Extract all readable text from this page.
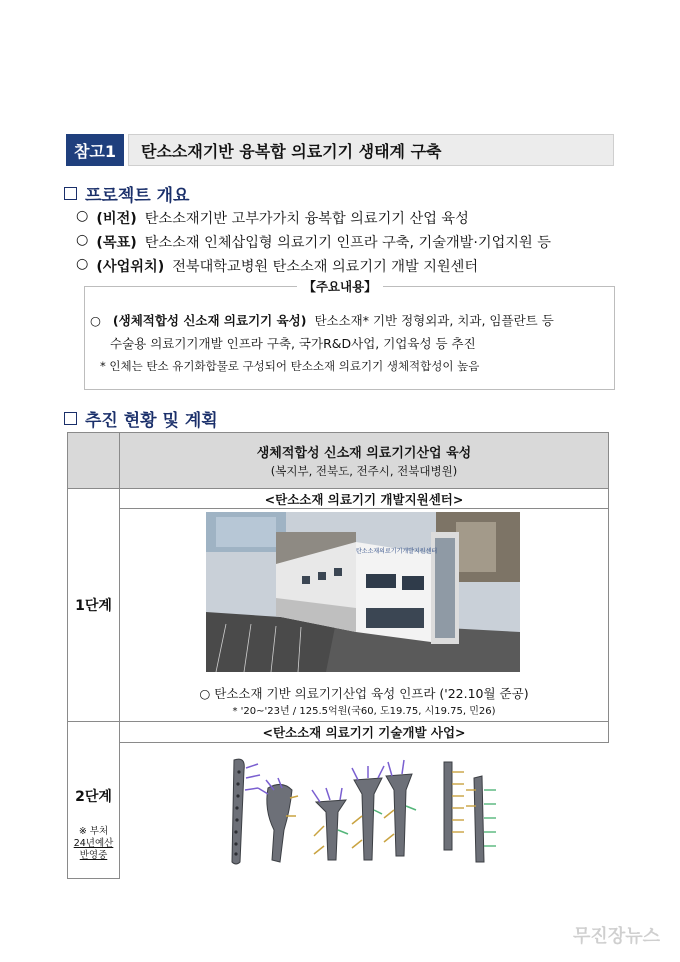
참고1	탄소소재기반 융복합 의료기기 생태계 구축
프로젝트 개요
○ (비전) 탄소소재기반 고부가가치 융복합 의료기기 산업 육성
○ (목표) 탄소소재 인체삽입형 의료기기 인프라 구축, 기술개발·기업지원 등
○ (사업위치) 전북대학교병원 탄소소재 의료기기 개발 지원센터
【주요내용】
○ (생체적합성 신소재 의료기기 육성) 탄소소재* 기반 정형외과, 치과, 임플란트 등
수술용 의료기기개발 인프라 구축, 국가R&D사업, 기업육성 등 추진
* 인체는 탄소 유기화합물로 구성되어 탄소소재 의료기기 생체적합성이 높음
추진 현황 및 계획
생체적합성 신소재 의료기기산업 육성
(복지부, 전북도, 전주시, 전북대병원)
1단계
<탄소소재 의료기기 개발지원센터>
탄소소재의료기기개발지원센터
○ 탄소소재 기반 의료기기산업 육성 인프라 ('22.10월 준공)
* '20~'23년 / 125.5억원(국60, 도19.75, 시19.75, 민26)
2단계
※ 부처
24년예산
반영중
<탄소소재 의료기기 기술개발 사업>
무진장뉴스
